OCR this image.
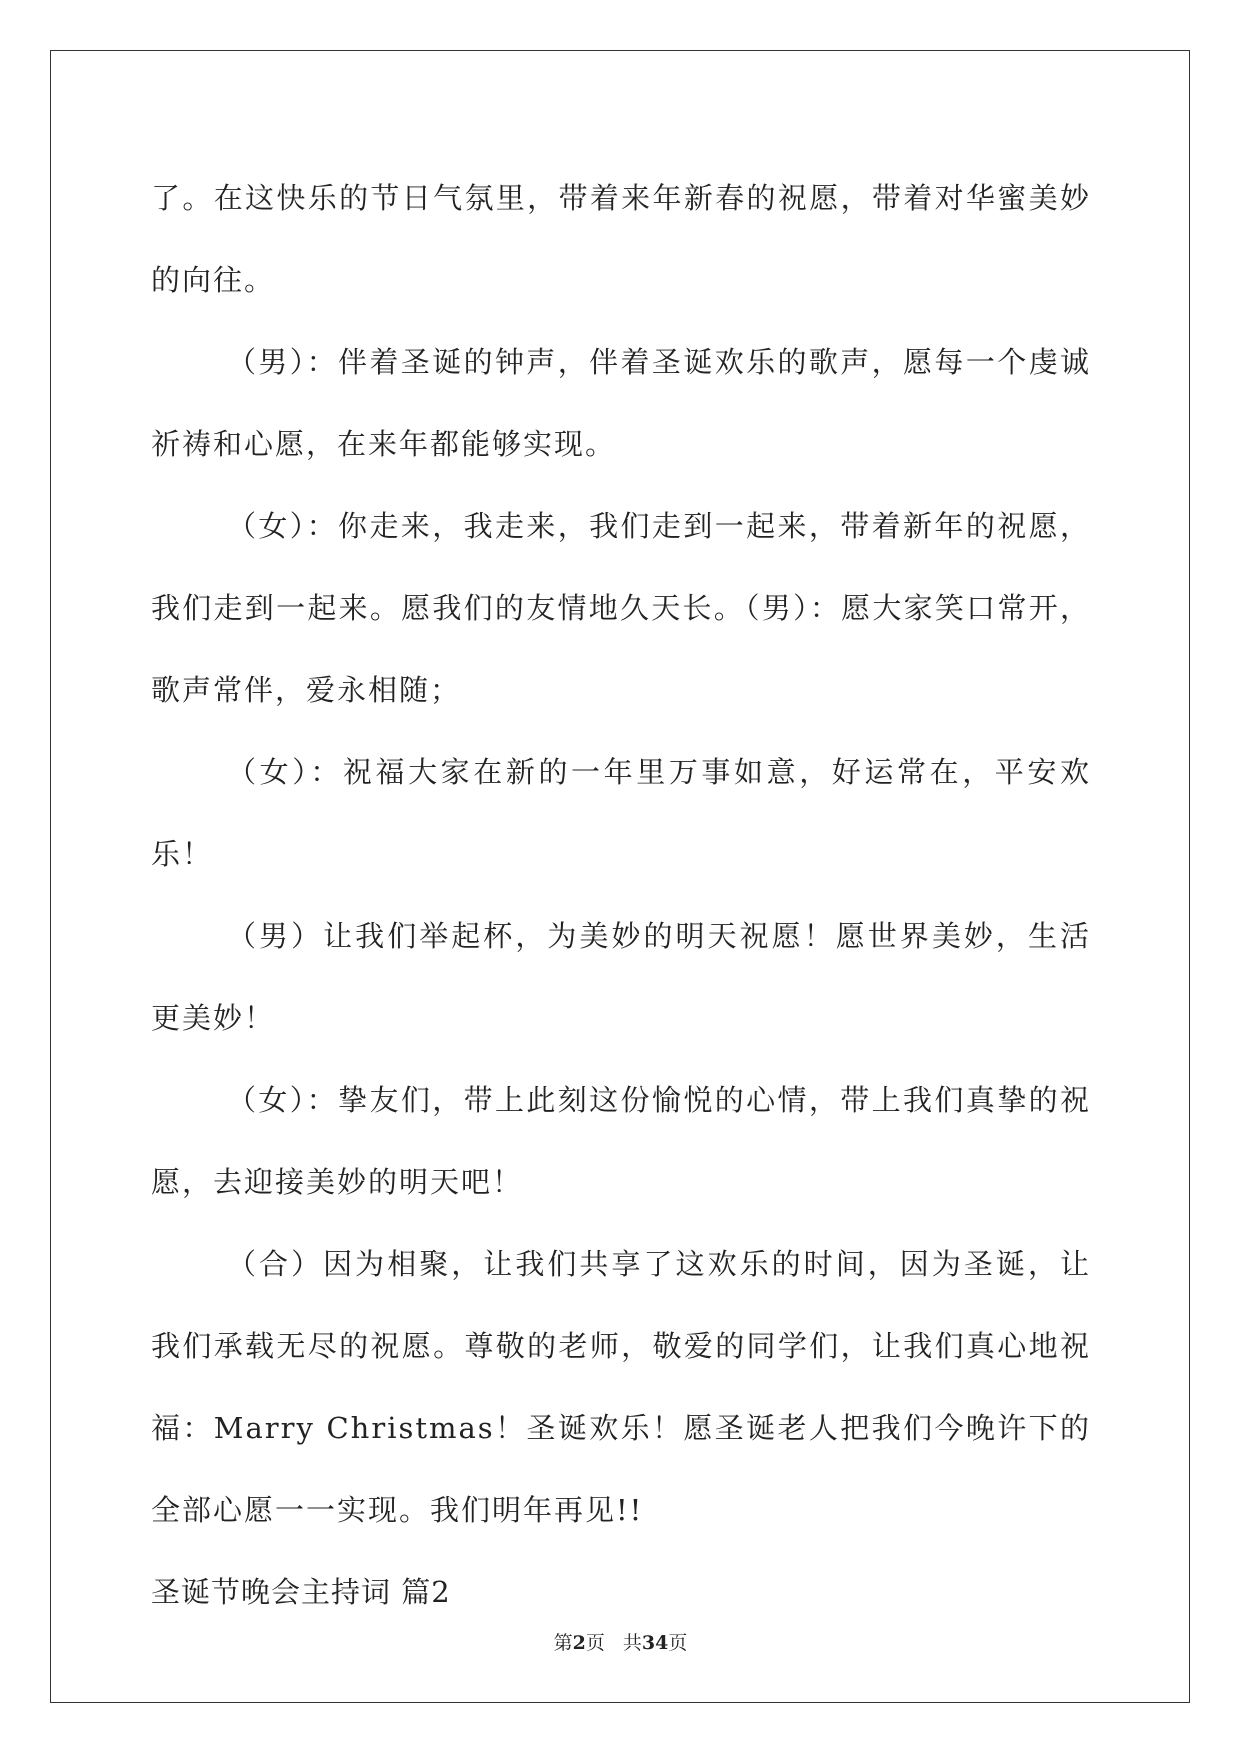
了。在这快乐的节日气氛里，带着来年新春的祝愿，带着对华蜜美妙的向往。

（男）：伴着圣诞的钟声，伴着圣诞欢乐的歌声，愿每一个虔诚祈祷和心愿，在来年都能够实现。

（女）：你走来，我走来，我们走到一起来，带着新年的祝愿，我们走到一起来。愿我们的友情地久天长。（男）：愿大家笑口常开，歌声常伴，爱永相随；

（女）：祝福大家在新的一年里万事如意，好运常在，平安欢乐！

（男）让我们举起杯，为美妙的明天祝愿！愿世界美妙，生活更美妙！

（女）：挚友们，带上此刻这份愉悦的心情，带上我们真挚的祝愿，去迎接美妙的明天吧！

（合）因为相聚，让我们共享了这欢乐的时间，因为圣诞，让我们承载无尽的祝愿。尊敬的老师，敬爱的同学们，让我们真心地祝福：Marry Christmas！圣诞欢乐！愿圣诞老人把我们今晚许下的全部心愿一一实现。我们明年再见!!

圣诞节晚会主持词 篇2

第2页 共34页
